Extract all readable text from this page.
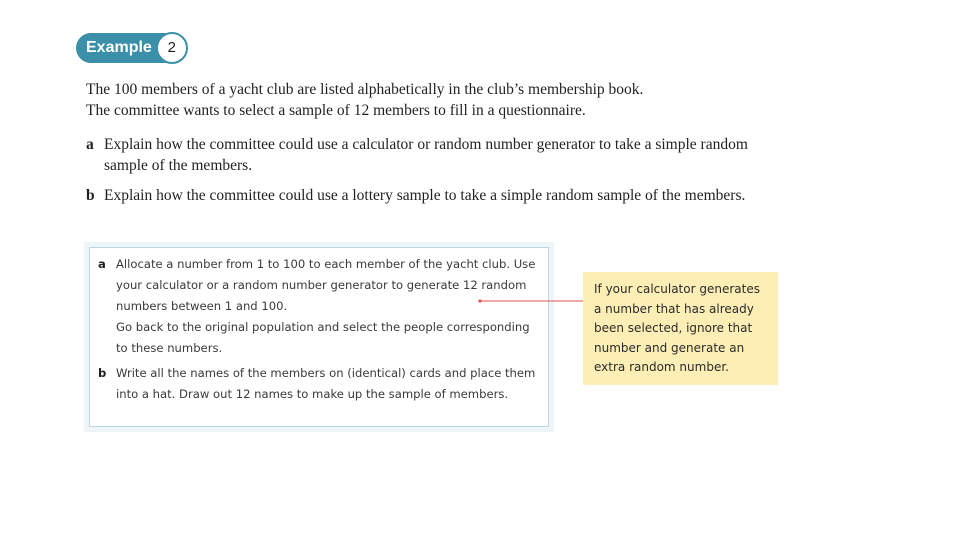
Example	2

The 100 members of a yacht club are listed alphabetically in the club’s membership book.

The committee wants to select a sample of 12 members to fill in a questionnaire.

a Explain how the committee could use a calculator or random number generator to take a simple random sample of the members.
b Explain how the committee could use a lottery sample to take a simple random sample of the members.
a Allocate a number from 1 to 100 to each member of the yacht club. Use your calculator or a random number generator to generate 12 random numbers between 1 and 100.
Go back to the original population and select the people corresponding to these numbers.
b Write all the names of the members on (identical) cards and place them into a hat. Draw out 12 names to make up the sample of members.
If your calculator generates a number that has already been selected, ignore that number and generate an extra random number.
